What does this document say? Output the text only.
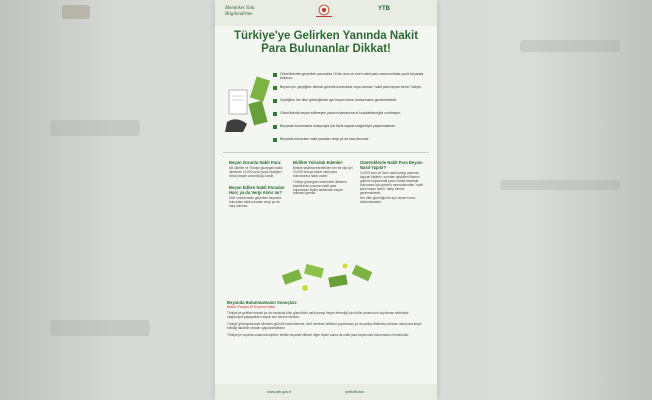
Memleket Yolu
Bilgilendirme
YTB
Türkiye'ye Gelirken Yanında Nakit Para Bulunanlar Dikkat!
Gümrüklerden geçerken yanınızda 10 bin avro ve üzeri nakit para varsa mutlaka yazılı beyanda bulunun.
Beyan için, geçtiğiniz ülkenin gümrük kontrolüne veya varmaz "nakit para beyan formu" isteyin.
Geçtiğiniz her ülke gümrüğünde ayrı beyan formu doldurmanız gerekmektedir.
Gümrüklerde beyan edilmeyen paranın tamamına el konulabileceğini unutmayın.
Beyanda bulunmama dolayısıyla çok fazla sayıda mağduriyet yaşanmaktadır.
Beyanda bulunulan nakit paradan vergi ya da harç alınmaz.
Beyan Zorunlu Nakit Para:

AB ülkeleri ve Türkiye güzergahındaki ülkelerde 10.000 avro (veya eşdeğeri döviz) beyan zorunluluğu vardır.

Beyan Edilen Nakit Paradan Harç ya da Vergi Alınır mı?

Ülke sınırlarından geçerken beyanda bulunulan nakit paradan vergi ya da harç alınmaz.

Birlikte Yolculuk Edenler:

Birlikte seyahat edenlerden her bir kişi için 10.000 avroya kadar nakit para bulundurma hakkı vardır.

Türkiye güzergahı üzerindeki ülkelerin bazılarında, paranın nakit para bulunduran kişiler tarafından beyan edilmesi gerekir.

Gümrüklerde Nakit Para Beyanı Nasıl Yapılır?

10.000 avro ve üzeri nakit parayı yanında taşıyan kişilerin, sınırdan geçtikleri ülkenin gümrük kapılarında yazılı olarak beyanda bulunması için gümrük memurlarından "nakit para beyan formu" talep etmesi gerekmektedir.

Her ülke gümrüğünde ayrı beyan formu doldurulmalıdır.

Beyanda Bulunmamanın Sonuçları:
Bütün Paraya El Koyma Hakkı

Türkiye'ye gelirken transit ya da varılacak ülke gümrükleri nakit parayı beyan etmediği için bütün paranıza el koyulması sebebiyle mağduriyet yaşayanların sayısı son derece fazladır.

Türkiye güzergahındaki ülkelerin gümrük kontrollerinde, limit üzerinde bildirimi yapılmamış ya da yanlış bildirilmiş bulunan nakit para tespit edildiği takdirde cezalar uygulanmaktadır.

Türkiye'ye seyahat sırasında kişilerin birlikte seyahat ettikleri diğer kişiler adına da nakit para beyanında bulunmaları mümkündür.

www.ytb.gov.tr	/yetkilitutun
